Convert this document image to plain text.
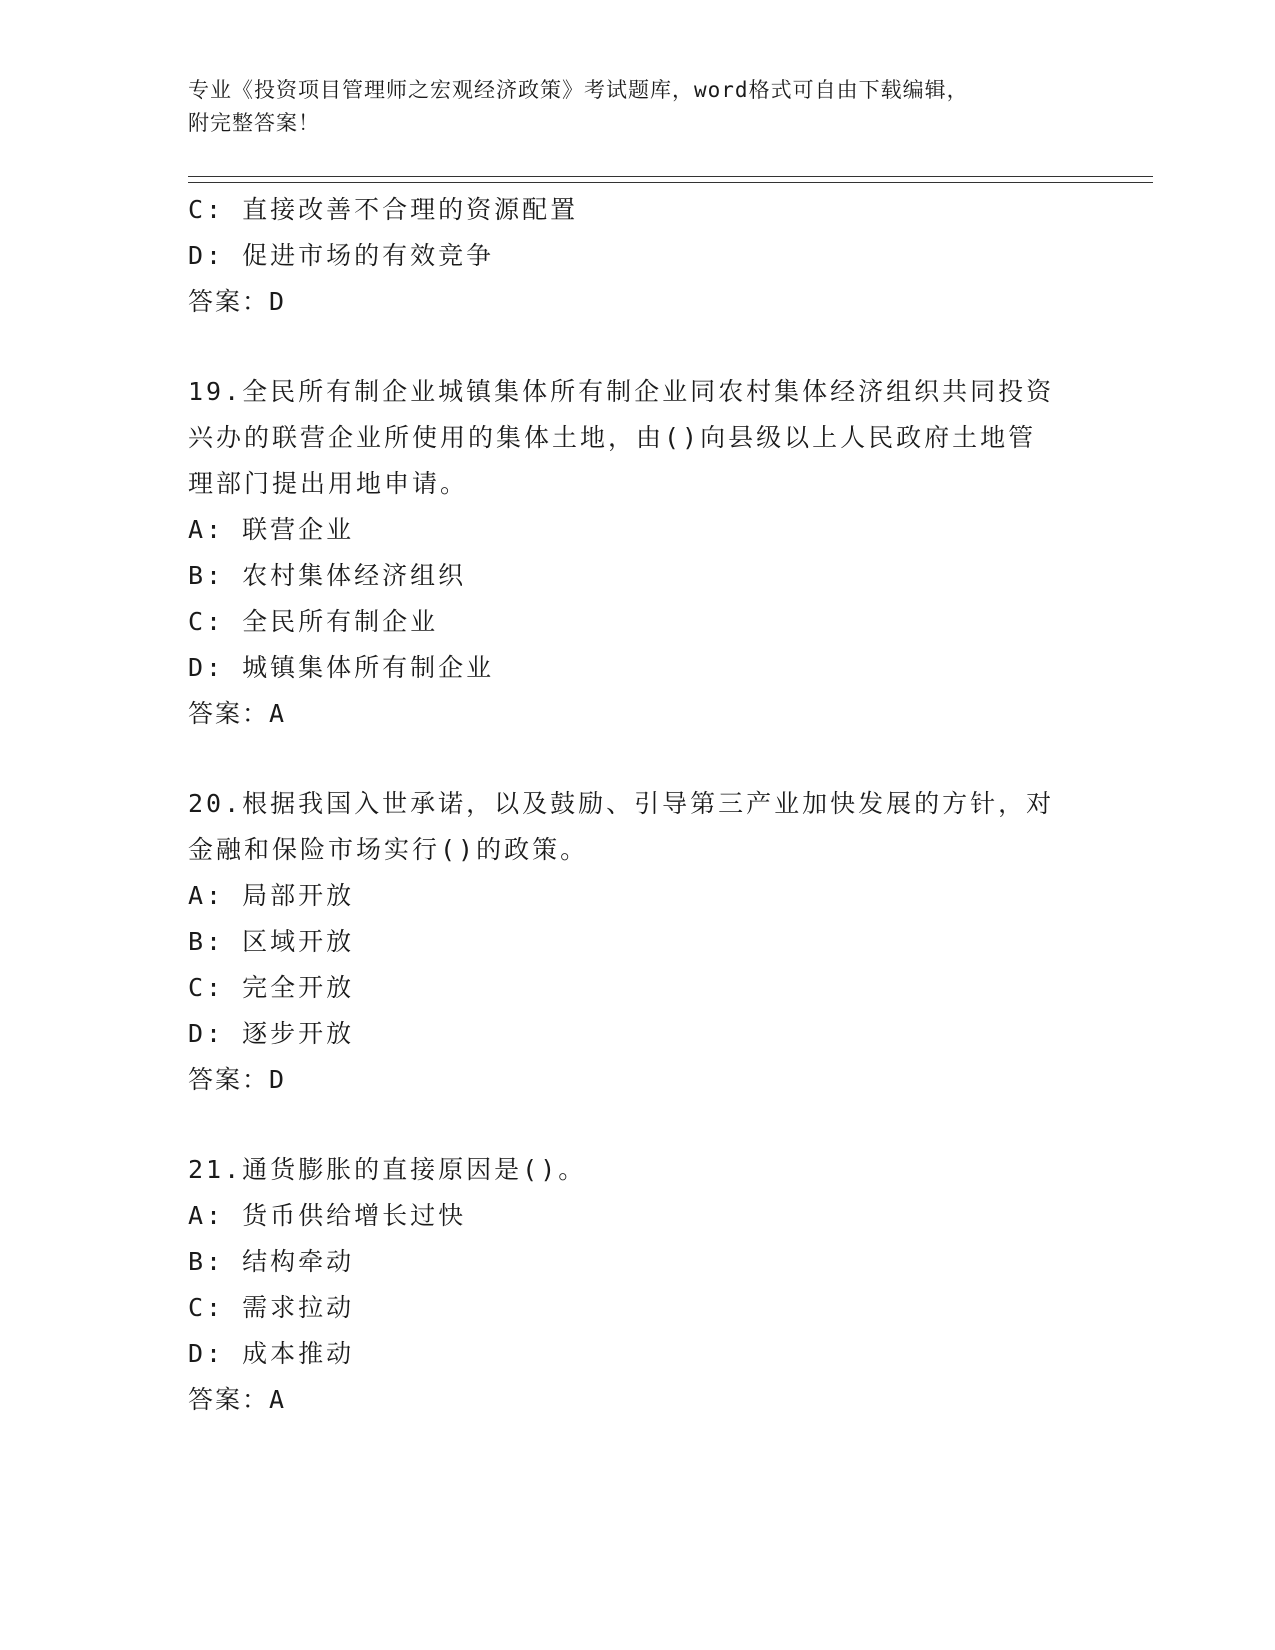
专业《投资项目管理师之宏观经济政策》考试题库，word格式可自由下载编辑，
附完整答案！
C: 直接改善不合理的资源配置
D: 促进市场的有效竞争
答案：D
19.全民所有制企业城镇集体所有制企业同农村集体经济组织共同投资
兴办的联营企业所使用的集体土地，由()向县级以上人民政府土地管
理部门提出用地申请。
A: 联营企业
B: 农村集体经济组织
C: 全民所有制企业
D: 城镇集体所有制企业
答案：A
20.根据我国入世承诺，以及鼓励、引导第三产业加快发展的方针，对
金融和保险市场实行()的政策。
A: 局部开放
B: 区域开放
C: 完全开放
D: 逐步开放
答案：D
21.通货膨胀的直接原因是()。
A: 货币供给增长过快
B: 结构牵动
C: 需求拉动
D: 成本推动
答案：A
